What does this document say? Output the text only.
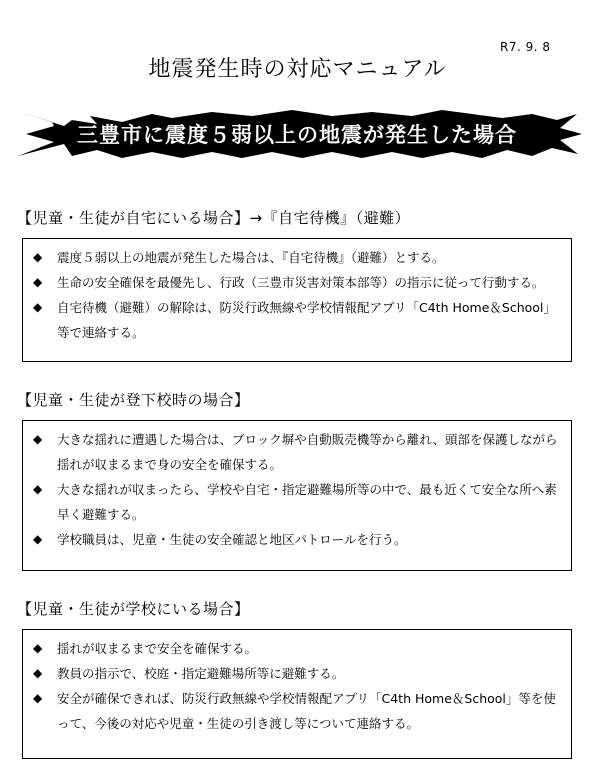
R7. 9. 8
地震発生時の対応マニュアル
三豊市に震度５弱以上の地震が発生した場合
【児童・生徒が自宅にいる場合】→『自宅待機』（避難）
◆	震度５弱以上の地震が発生した場合は、『自宅待機』（避難）とする。
◆	生命の安全確保を最優先し、行政（三豊市災害対策本部等）の指示に従って行動する。
◆	自宅待機（避難）の解除は、防災行政無線や学校情報配アプリ「C4th Home＆School」等で連絡する。
【児童・生徒が登下校時の場合】
◆	大きな揺れに遭遇した場合は、ブロック塀や自動販売機等から離れ、頭部を保護しながら揺れが収まるまで身の安全を確保する。
◆	大きな揺れが収まったら、学校や自宅・指定避難場所等の中で、最も近くて安全な所へ素早く避難する。
◆	学校職員は、児童・生徒の安全確認と地区パトロールを行う。
【児童・生徒が学校にいる場合】
◆	揺れが収まるまで安全を確保する。
◆	教員の指示で、校庭・指定避難場所等に避難する。
◆	安全が確保できれば、防災行政無線や学校情報配アプリ「C4th Home＆School」等を使って、今後の対応や児童・生徒の引き渡し等について連絡する。
